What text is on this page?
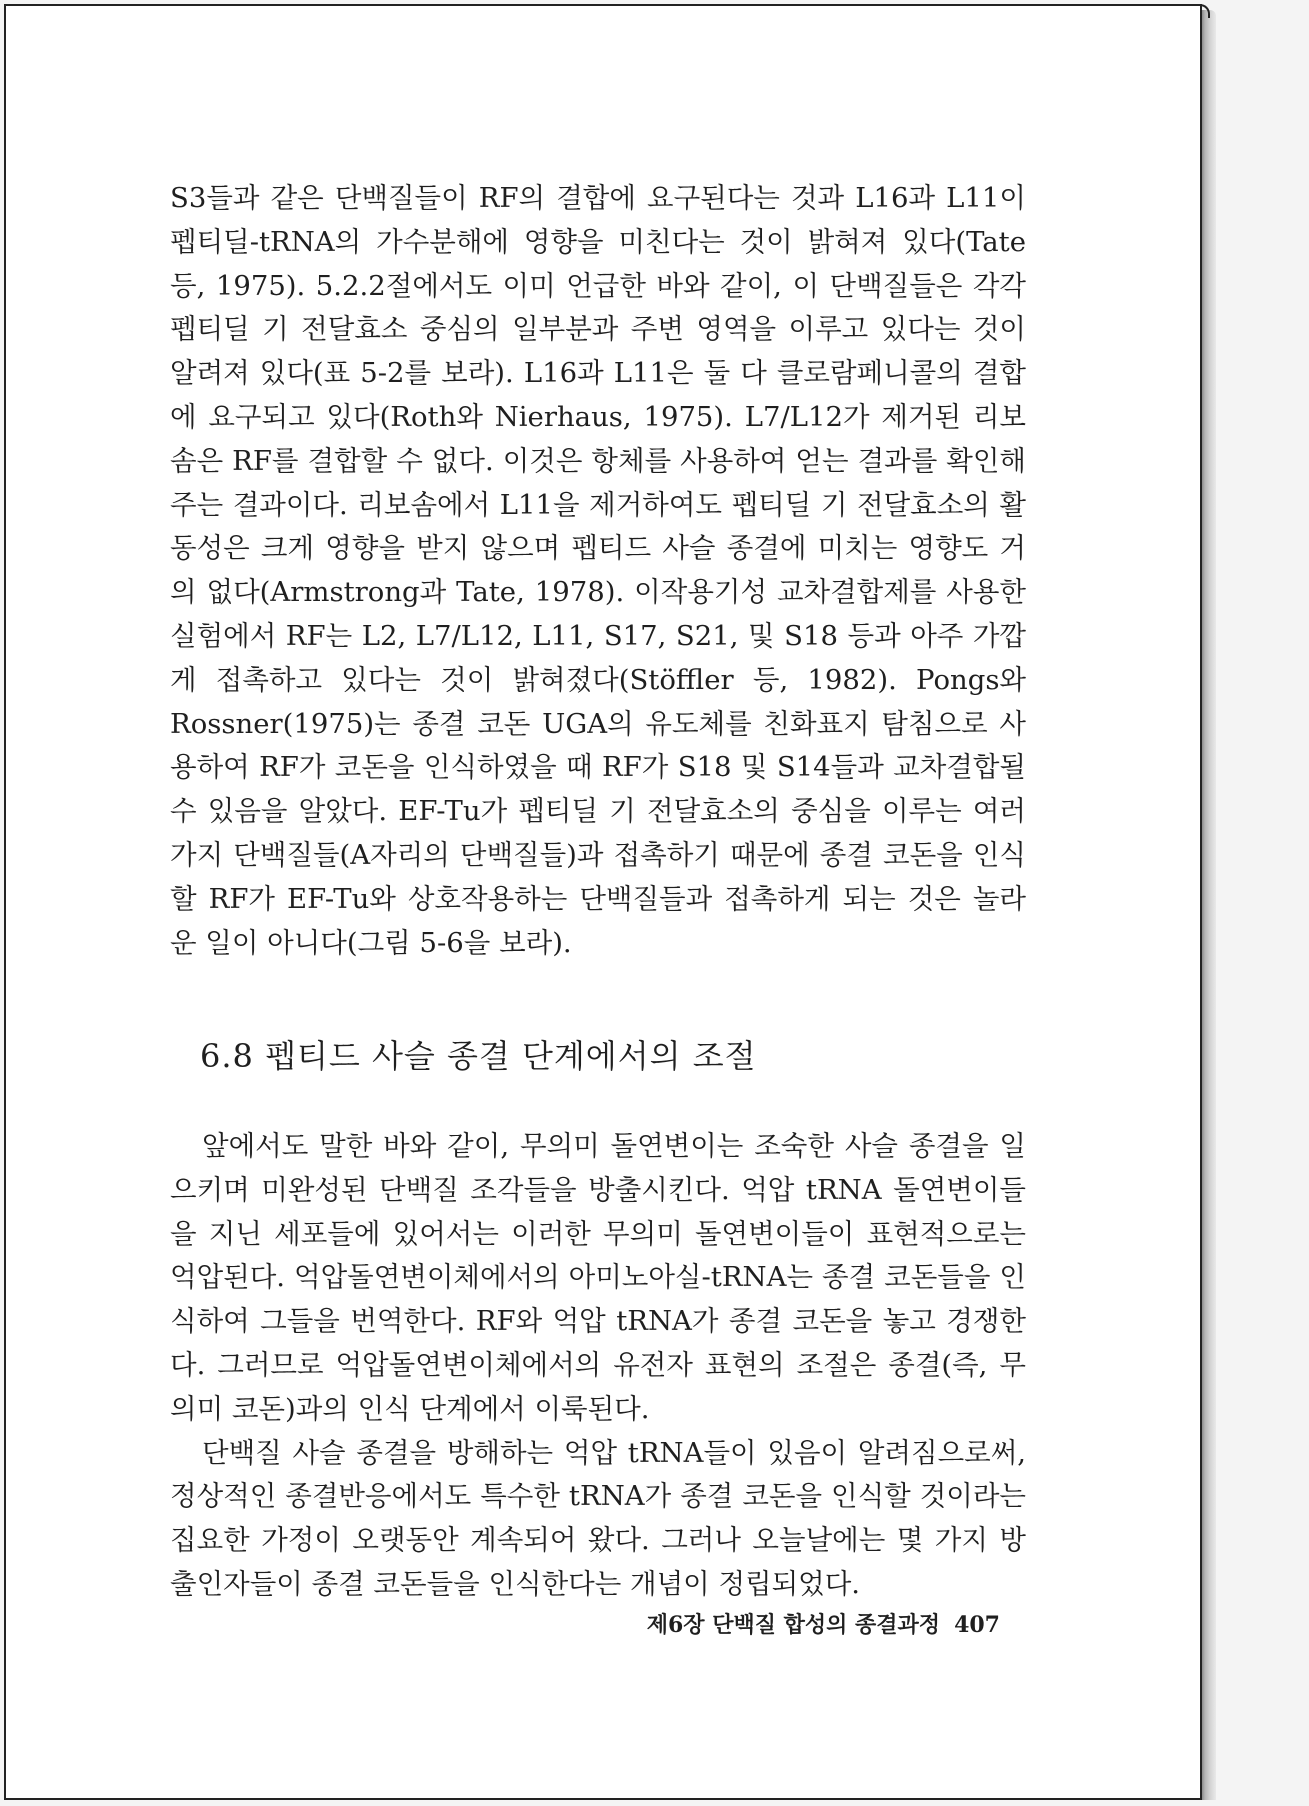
S3들과 같은 단백질들이 RF의 결합에 요구된다는 것과 L16과 L11이 펩티딜-tRNA의 가수분해에 영향을 미친다는 것이 밝혀져 있다(Tate 등, 1975). 5.2.2절에서도 이미 언급한 바와 같이, 이 단백질들은 각각 펩티딜 기 전달효소 중심의 일부분과 주변 영역을 이루고 있다는 것이 알려져 있다(표 5-2를 보라). L16과 L11은 둘 다 클로람페니콜의 결합에 요구되고 있다(Roth와 Nierhaus, 1975). L7/L12가 제거된 리보솜은 RF를 결합할 수 없다. 이것은 항체를 사용하여 얻는 결과를 확인해 주는 결과이다. 리보솜에서 L11을 제거하여도 펩티딜 기 전달효소의 활동성은 크게 영향을 받지 않으며 펩티드 사슬 종결에 미치는 영향도 거의 없다(Armstrong과 Tate, 1978). 이작용기성 교차결합제를 사용한 실험에서 RF는 L2, L7/L12, L11, S17, S21, 및 S18 등과 아주 가깝게 접촉하고 있다는 것이 밝혀졌다(Stöffler 등, 1982). Pongs와 Rossner(1975)는 종결 코돈 UGA의 유도체를 친화표지 탐침으로 사용하여 RF가 코돈을 인식하였을 때 RF가 S18 및 S14들과 교차결합될 수 있음을 알았다. EF-Tu가 펩티딜 기 전달효소의 중심을 이루는 여러 가지 단백질들(A자리의 단백질들)과 접촉하기 때문에 종결 코돈을 인식할 RF가 EF-Tu와 상호작용하는 단백질들과 접촉하게 되는 것은 놀라운 일이 아니다(그림 5-6을 보라).

6.8 펩티드 사슬 종결 단계에서의 조절

앞에서도 말한 바와 같이, 무의미 돌연변이는 조숙한 사슬 종결을 일으키며 미완성된 단백질 조각들을 방출시킨다. 억압 tRNA 돌연변이들을 지닌 세포들에 있어서는 이러한 무의미 돌연변이들이 표현적으로는 억압된다. 억압돌연변이체에서의 아미노아실-tRNA는 종결 코돈들을 인식하여 그들을 번역한다. RF와 억압 tRNA가 종결 코돈을 놓고 경쟁한다. 그러므로 억압돌연변이체에서의 유전자 표현의 조절은 종결(즉, 무의미 코돈)과의 인식 단계에서 이룩된다.

단백질 사슬 종결을 방해하는 억압 tRNA들이 있음이 알려짐으로써, 정상적인 종결반응에서도 특수한 tRNA가 종결 코돈을 인식할 것이라는 집요한 가정이 오랫동안 계속되어 왔다. 그러나 오늘날에는 몇 가지 방출인자들이 종결 코돈들을 인식한다는 개념이 정립되었다.

제6장 단백질 합성의 종결과정 407
